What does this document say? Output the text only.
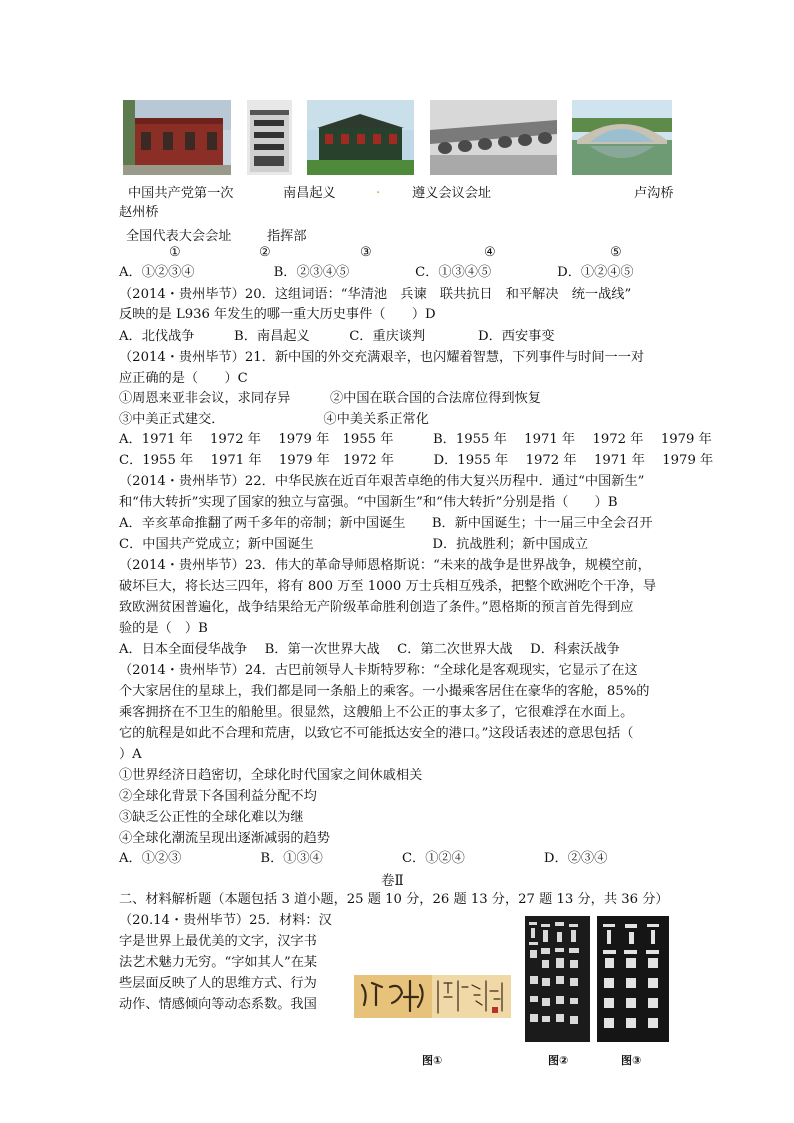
中国共产党第一次	南昌起义	. 遵义会议会址	卢沟桥
赵州桥
全国代表大会会址	指挥部
①	②	③	④	⑤
A．①②③④　　　　　　B．②③④⑤　　　　　C．①③④⑤　　　　　D．①②④⑤
（2014・贵州毕节）20．这组词语：“华清池　兵谏　联共抗日　和平解决　统一战线”
反映的是 L936 年发生的哪一重大历史事件（　　）D
A．北伐战争　　　B．南昌起义　　　C．重庆谈判　　　　D．西安事变
（2014・贵州毕节）21．新中国的外交充满艰辛，也闪耀着智慧，下列事件与时间一一对
应正确的是（　　）C
①周恩来亚非会议，求同存异　　　②中国在联合国的合法席位得到恢复
③中美正式建交．　　　　　　　　④中美关系正常化
A．1971 年　 1972 年　 1979 年　1955 年　　　B．1955 年　 1971 年　 1972 年　 1979 年
C．1955 年　 1971 年　 1979 年　1972 年　　　D．1955 年　 1972 年　 1971 年　 1979 年
（2014・贵州毕节）22．中华民族在近百年艰苦卓绝的伟大复兴历程中．通过“中国新生”
和“伟大转折”实现了国家的独立与富强。“中国新生”和“伟大转折”分别是指（　　）B
A．辛亥革命推翻了两千多年的帝制；新中国诞生　　B．新中国诞生；十一届三中全会召开
C．中国共产党成立；新中国诞生　　　　　　　　　D．抗战胜利；新中国成立
（2014・贵州毕节）23．伟大的革命导师恩格斯说：“未来的战争是世界战争，规模空前，
破坏巨大，将长达三四年，将有 800 万至 1000 万士兵相互残杀，把整个欧洲吃个干净，导
致欧洲贫困普遍化，战争结果给无产阶级革命胜利创造了条件。”恩格斯的预言首先得到应
验的是（　）B
A．日本全面侵华战争　 B．第一次世界大战　 C．第二次世界大战　 D．科索沃战争
（2014・贵州毕节）24．古巴前领导人卡斯特罗称：“全球化是客观现实，它显示了在这
个大家居住的星球上，我们都是同一条船上的乘客。一小撮乘客居住在豪华的客舱，85%的
乘客拥挤在不卫生的船舱里。很显然，这艘船上不公正的事太多了，它很难浮在水面上。
它的航程是如此不合理和荒唐，以致它不可能抵达安全的港口。”这段话表述的意思包括（
）A
①世界经济日趋密切，全球化时代国家之间休戚相关
②全球化背景下各国利益分配不均
③缺乏公正性的全球化难以为继
④全球化潮流呈现出逐渐减弱的趋势
A．①②③　　　　　　B．①③④　　　　　　C．①②④　　　　　　D．②③④
卷Ⅱ
二、材料解析题（本题包括 3 道小题，25 题 10 分，26 题 13 分，27 题 13 分，共 36 分）
（20.14・贵州毕节）25．材料：汉
字是世界上最优美的文字，汉字书
法艺术魅力无穷。“字如其人”在某
些层面反映了人的思维方式、行为
动作、情感倾向等动态系数。我国
图①	图②	图③
